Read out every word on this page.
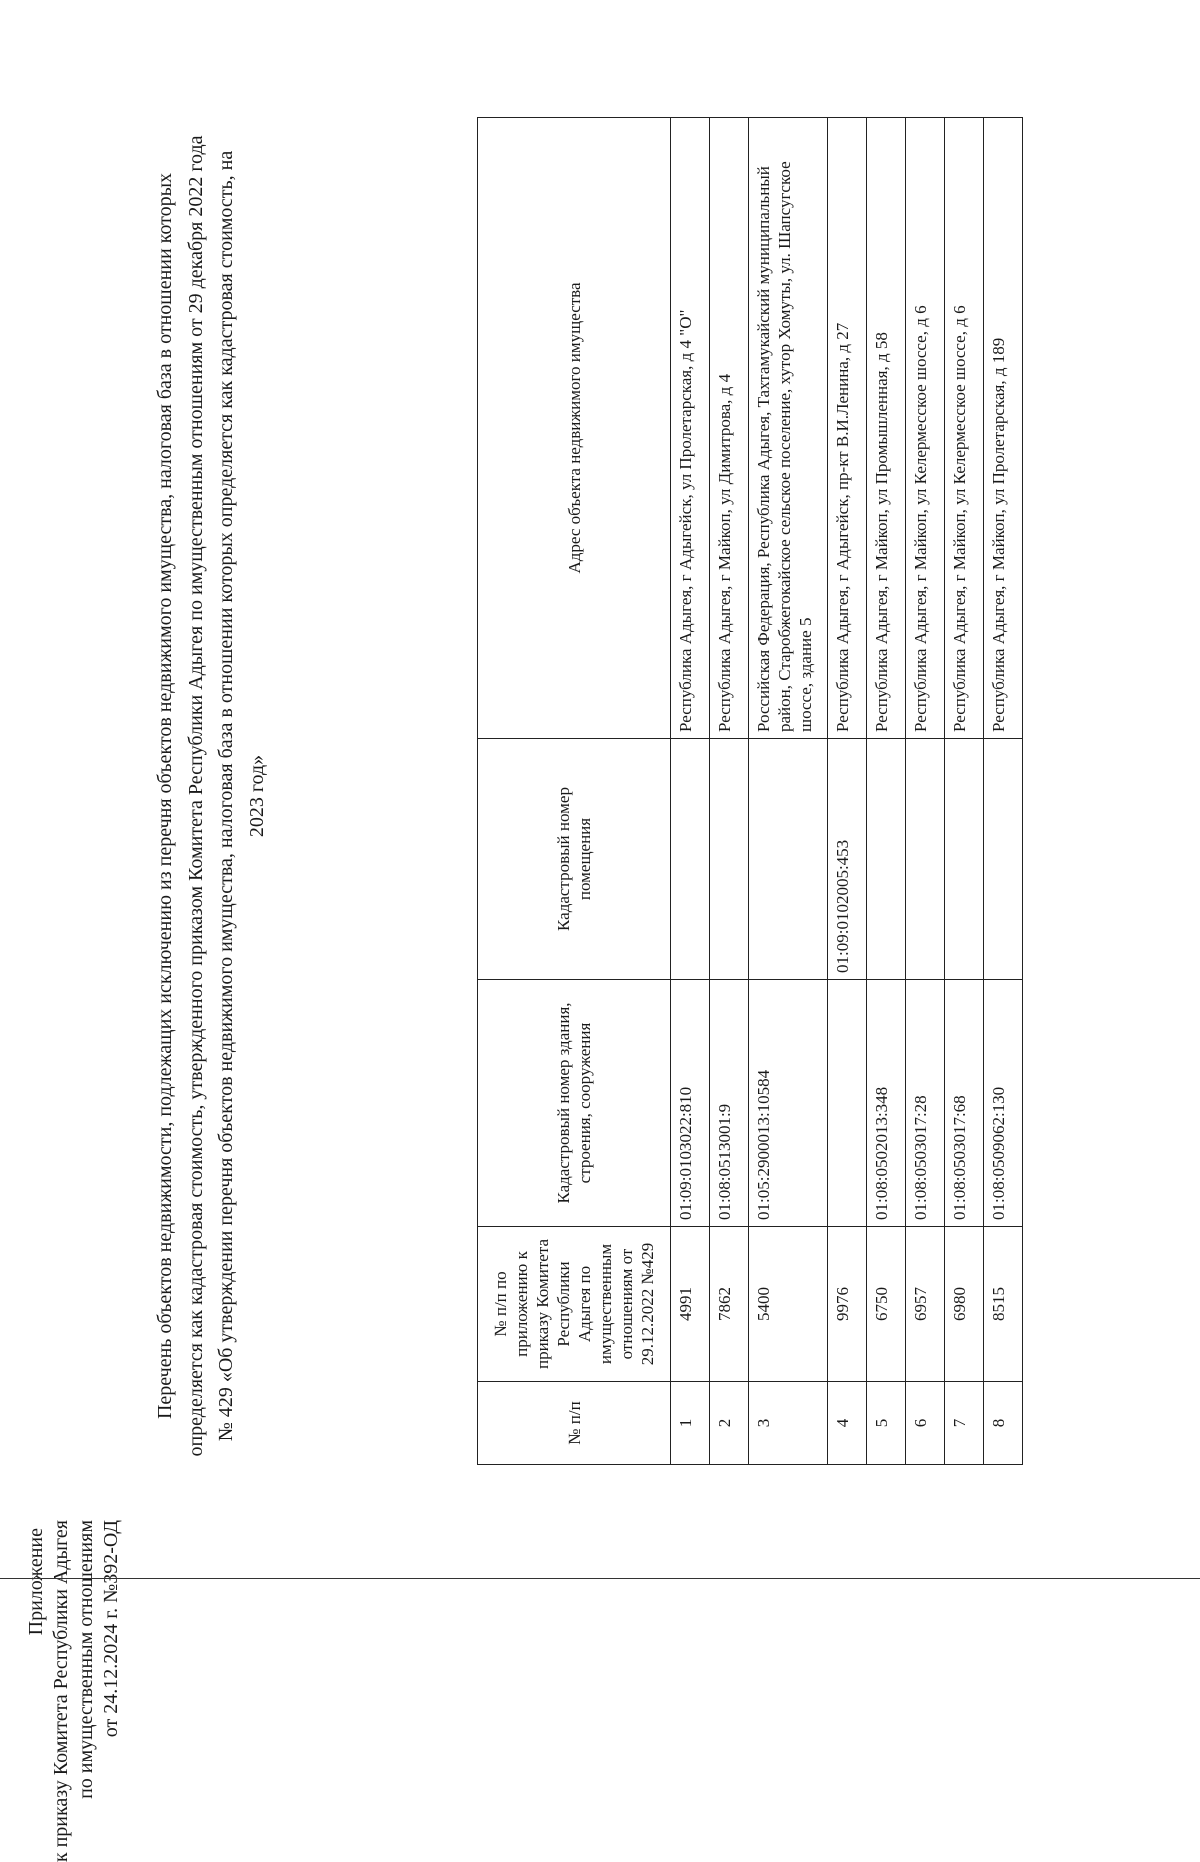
Приложение к приказу Комитета Республики Адыгея по имущественным отношениям от 24.12.2024 г. №392-ОД
Перечень объектов недвижимости, подлежащих исключению из перечня объектов недвижимого имущества, налоговая база в отношении которых определяется как кадастровая стоимость, утвержденного приказом Комитета Республики Адыгея по имущественным отношениям от 29 декабря 2022 года № 429 «Об утверждении перечня объектов недвижимого имущества, налоговая база в отношении которых определяется как кадастровая стоимость, на 2023 год»
№ п/п	№ п/п по приложению к приказу Комитета Республики Адыгея по имущественным отношениям от 29.12.2022 №429	Кадастровый номер здания, строения, сооружения	Кадастровый номер помещения	Адрес объекта недвижимого имущества
1	4991	01:09:0103022:810		Республика Адыгея, г Адыгейск, ул Пролетарская, д 4 "О"
2	7862	01:08:0513001:9		Республика Адыгея, г Майкоп, ул Димитрова, д 4
3	5400	01:05:2900013:10584		Российская Федерация, Республика Адыгея, Тахтамукайский муниципальный район, Старобжегокайское сельское поселение, хутор Хомуты, ул. Шапсугское шоссе, здание 5
4	9976		01:09:0102005:453	Республика Адыгея, г Адыгейск, пр-кт В.И.Ленина, д 27
5	6750	01:08:0502013:348		Республика Адыгея, г Майкоп, ул Промышленная, д 58
6	6957	01:08:0503017:28		Республика Адыгея, г Майкоп, ул Келермесское шоссе, д 6
7	6980	01:08:0503017:68		Республика Адыгея, г Майкоп, ул Келермесское шоссе, д 6
8	8515	01:08:0509062:130		Республика Адыгея, г Майкоп, ул Пролетарская, д 189
